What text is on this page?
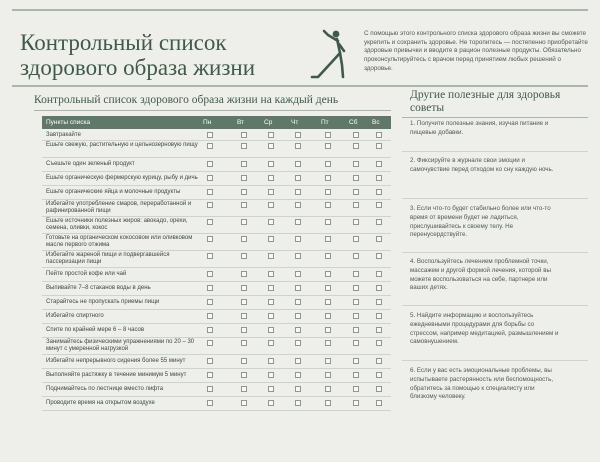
Контрольный список здорового образа жизни
С помощью этого контрольного списка здорового образа жизни вы сможете укрепить и сохранить здоровье. Не торопитесь — постепенно приобретайте здоровые привычки и вводите в рацион полезные продукты. Обязательно проконсультируйтесь с врачом перед принятием любых решений о здоровье.
Контрольный список здорового образа жизни на каждый день
Пункты списка	Пн	Вт	Ср	Чт	Пт	Сб Вс
Завтракайте
Ешьте свежую, растительную и цельнозерновую пищу
Съешьте один зеленый продукт
Ешьте органическую фермерскую курицу, рыбу и дичь
Ешьте органические яйца и молочные продукты
Избегайте употребление смаров, переработанной и рафинированной пищи
Ешьте источники полезных жиров: авокадо, орехи, семена, оливки, кокос
Готовьте на органическом кокосовом или оливковом масле первого отжима
Избегайте жареной пищи и подвергавшейся пассеризации пищи
Пейте простой кофе или чай
Выпивайте 7–8 стаканов воды в день
Старайтесь не пропускать приемы пищи
Избегайте спиртного
Спите по крайней мере 6 – 8 часов
Занимайтесь физическими упражнениями по 20 – 30 минут с умеренной нагрузкой
Избегайте непрерывного сидения более 55 минут
Выполняйте растяжку в течение минимум 5 минут
Поднимайтесь по лестнице вместо лифта
Проводите время на открытом воздухе
Другие полезные для здоровья советы
1. Получите полезные знания, изучая питание и пищевые добавки.
2. Фиксируйте в журнале свои эмоции и самочувствие перед отходом ко сну каждую ночь.
3. Если что-то будет стабильно более или что-то время от времени будет не ладиться, прислушивайтесь к своему телу. Не перенусердствуйте.
4. Воспользуйтесь лечением проблемной точки, массажем и другой формой лечения, которой вы можете воспользоваться на себе, партнере или ваших детях.
5. Найдите информацию и воспользуйтесь ежедневными процедурами для борьбы со стрессом, например медитацией, размышлением и самовнушением.
6. Если у вас есть эмоциональные проблемы, вы испытываете растерянность или беспомощность, обратитесь за помощью к специалисту или близкому человеку.
